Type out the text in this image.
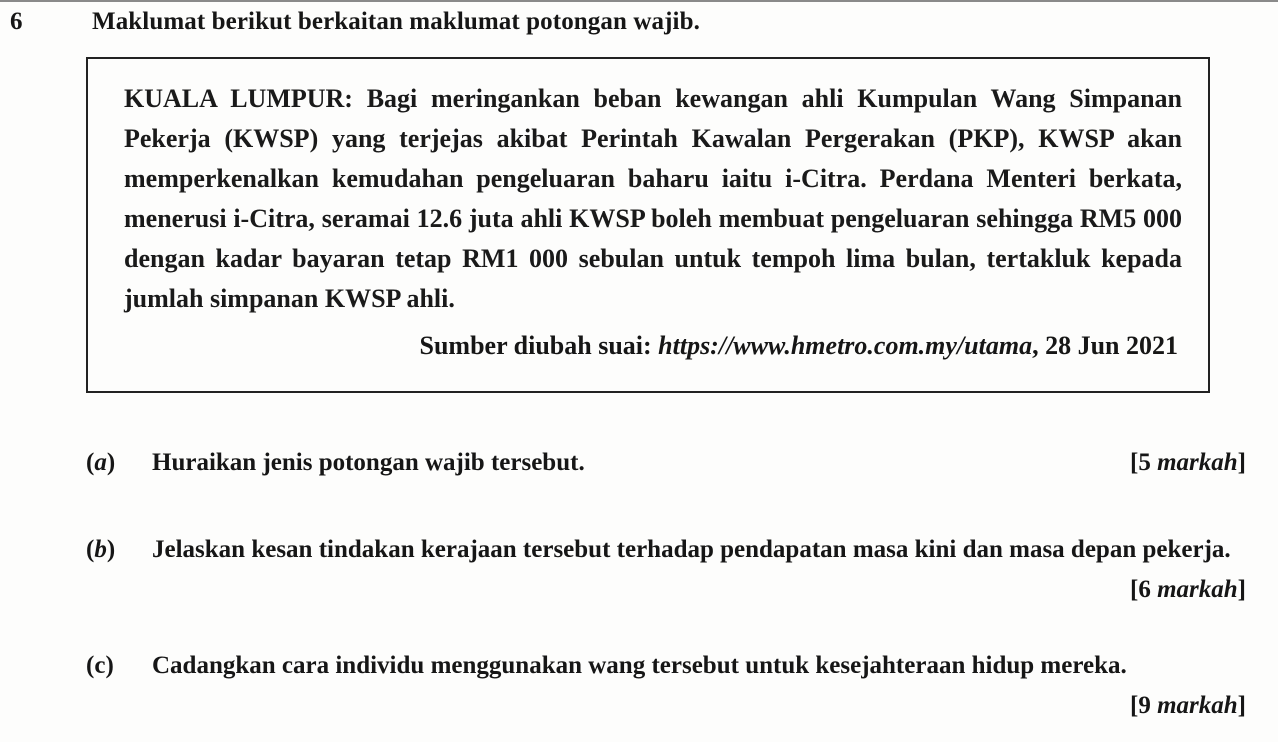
6	Maklumat berikut berkaitan maklumat potongan wajib.
KUALA LUMPUR: Bagi meringankan beban kewangan ahli Kumpulan Wang Simpanan Pekerja (KWSP) yang terjejas akibat Perintah Kawalan Pergerakan (PKP), KWSP akan memperkenalkan kemudahan pengeluaran baharu iaitu i-Citra. Perdana Menteri berkata, menerusi i-Citra, seramai 12.6 juta ahli KWSP boleh membuat pengeluaran sehingga RM5 000 dengan kadar bayaran tetap RM1 000 sebulan untuk tempoh lima bulan, tertakluk kepada jumlah simpanan KWSP ahli.
Sumber diubah suai: https://www.hmetro.com.my/utama, 28 Jun 2021
(a)	Huraikan jenis potongan wajib tersebut.	[5 markah]
(b)	Jelaskan kesan tindakan kerajaan tersebut terhadap pendapatan masa kini dan masa depan pekerja.
[6 markah]
(c)	Cadangkan cara individu menggunakan wang tersebut untuk kesejahteraan hidup mereka.
[9 markah]
